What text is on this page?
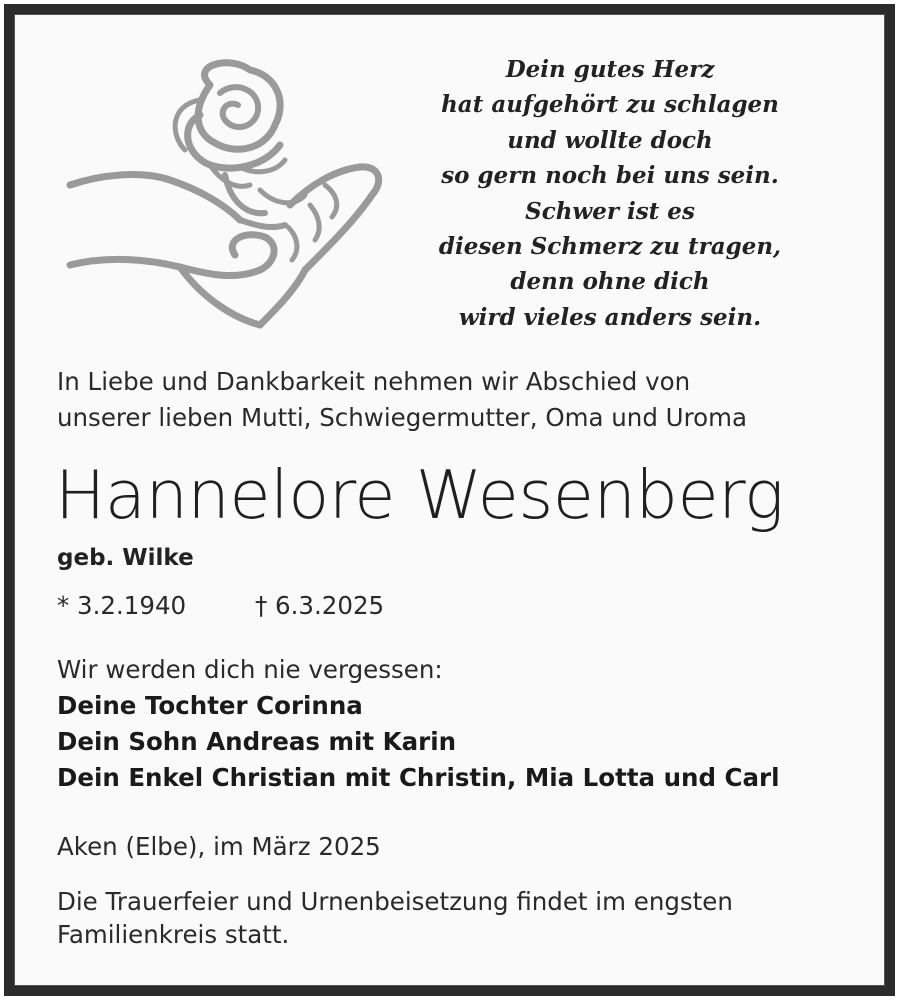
Dein gutes Herz
hat aufgehört zu schlagen
und wollte doch
so gern noch bei uns sein.
Schwer ist es
diesen Schmerz zu tragen,
denn ohne dich
wird vieles anders sein.
In Liebe und Dankbarkeit nehmen wir Abschied von
unserer lieben Mutti, Schwiegermutter, Oma und Uroma
Hannelore Wesenberg
geb. Wilke
* 3.2.1940	† 6.3.2025
Wir werden dich nie vergessen:
Deine Tochter Corinna
Dein Sohn Andreas mit Karin
Dein Enkel Christian mit Christin, Mia Lotta und Carl
Aken (Elbe), im März 2025
Die Trauerfeier und Urnenbeisetzung findet im engsten
Familienkreis statt.
